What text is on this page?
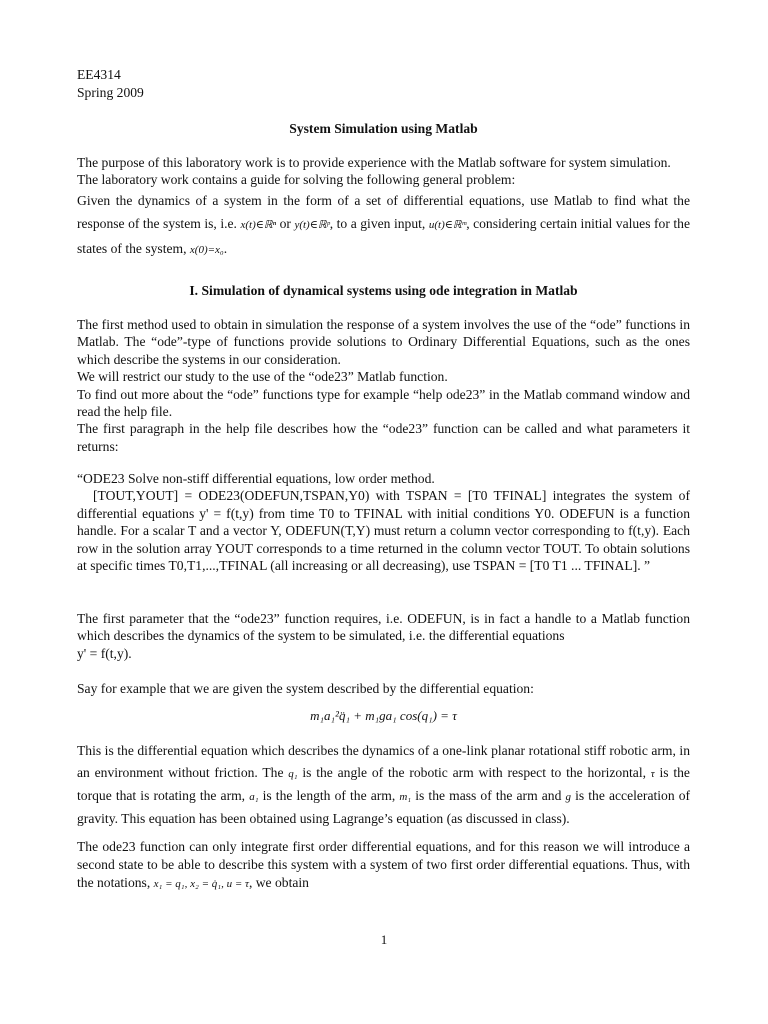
EE4314
Spring 2009
System Simulation using Matlab
The purpose of this laboratory work is to provide experience with the Matlab software for system simulation.
The laboratory work contains a guide for solving the following general problem:
Given the dynamics of a system in the form of a set of differential equations, use Matlab to find what the response of the system is, i.e. x(t)∈ℝⁿ or y(t)∈ℝᵖ, to a given input, u(t)∈ℝᵐ, considering certain initial values for the states of the system, x(0)=x₀.
I. Simulation of dynamical systems using ode integration in Matlab
The first method used to obtain in simulation the response of a system involves the use of the “ode” functions in Matlab. The “ode”-type of functions provide solutions to Ordinary Differential Equations, such as the ones which describe the systems in our consideration.
We will restrict our study to the use of the “ode23” Matlab function.
To find out more about the “ode” functions type for example “help ode23” in the Matlab command window and read the help file.
The first paragraph in the help file describes how the “ode23” function can be called and what parameters it returns:
“ODE23 Solve non-stiff differential equations, low order method.
[TOUT,YOUT] = ODE23(ODEFUN,TSPAN,Y0) with TSPAN = [T0 TFINAL] integrates the system of differential equations y' = f(t,y) from time T0 to TFINAL with initial conditions Y0. ODEFUN is a function handle. For a scalar T and a vector Y, ODEFUN(T,Y) must return a column vector corresponding to f(t,y). Each row in the solution array YOUT corresponds to a time returned in the column vector TOUT. To obtain solutions at specific times T0,T1,...,TFINAL (all increasing or all decreasing), use TSPAN = [T0 T1 ... TFINAL]. ”
The first parameter that the “ode23” function requires, i.e. ODEFUN, is in fact a handle to a Matlab function which describes the dynamics of the system to be simulated, i.e. the differential equations
y' = f(t,y).
Say for example that we are given the system described by the differential equation:
m₁a₁²q̈₁ + m₁ga₁ cos(q₁) = τ
This is the differential equation which describes the dynamics of a one-link planar rotational stiff robotic arm, in an environment without friction. The q₁ is the angle of the robotic arm with respect to the horizontal, τ is the torque that is rotating the arm, a₁ is the length of the arm, m₁ is the mass of the arm and g is the acceleration of gravity. This equation has been obtained using Lagrange’s equation (as discussed in class).
The ode23 function can only integrate first order differential equations, and for this reason we will introduce a second state to be able to describe this system with a system of two first order differential equations. Thus, with the notations, x₁ = q₁, x₂ = q̇₁, u = τ, we obtain
1
